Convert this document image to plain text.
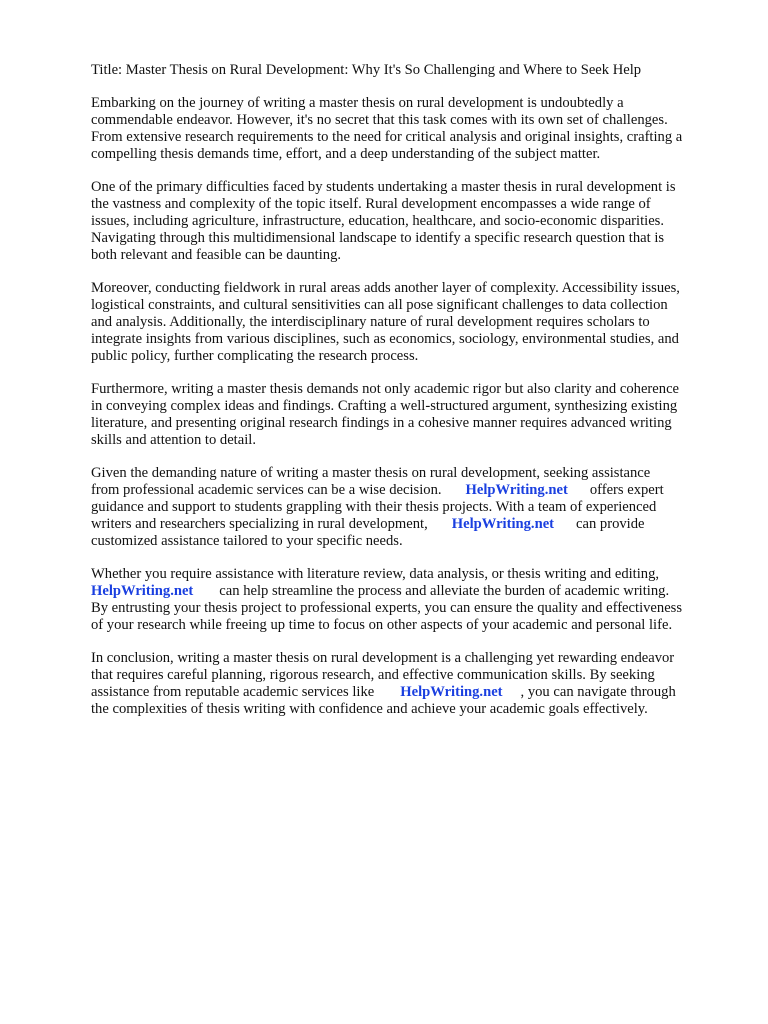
Title: Master Thesis on Rural Development: Why It's So Challenging and Where to Seek Help
Embarking on the journey of writing a master thesis on rural development is undoubtedly a
commendable endeavor. However, it's no secret that this task comes with its own set of challenges.
From extensive research requirements to the need for critical analysis and original insights, crafting a
compelling thesis demands time, effort, and a deep understanding of the subject matter.
One of the primary difficulties faced by students undertaking a master thesis in rural development is
the vastness and complexity of the topic itself. Rural development encompasses a wide range of
issues, including agriculture, infrastructure, education, healthcare, and socio-economic disparities.
Navigating through this multidimensional landscape to identify a specific research question that is
both relevant and feasible can be daunting.
Moreover, conducting fieldwork in rural areas adds another layer of complexity. Accessibility issues,
logistical constraints, and cultural sensitivities can all pose significant challenges to data collection
and analysis. Additionally, the interdisciplinary nature of rural development requires scholars to
integrate insights from various disciplines, such as economics, sociology, environmental studies, and
public policy, further complicating the research process.
Furthermore, writing a master thesis demands not only academic rigor but also clarity and coherence
in conveying complex ideas and findings. Crafting a well-structured argument, synthesizing existing
literature, and presenting original research findings in a cohesive manner requires advanced writing
skills and attention to detail.
Given the demanding nature of writing a master thesis on rural development, seeking assistance
from professional academic services can be a wise decision. HelpWriting.net offers expert
guidance and support to students grappling with their thesis projects. With a team of experienced
writers and researchers specializing in rural development, HelpWriting.net can provide
customized assistance tailored to your specific needs.
Whether you require assistance with literature review, data analysis, or thesis writing and editing,
HelpWriting.net can help streamline the process and alleviate the burden of academic writing.
By entrusting your thesis project to professional experts, you can ensure the quality and effectiveness
of your research while freeing up time to focus on other aspects of your academic and personal life.
In conclusion, writing a master thesis on rural development is a challenging yet rewarding endeavor
that requires careful planning, rigorous research, and effective communication skills. By seeking
assistance from reputable academic services like HelpWriting.net , you can navigate through
the complexities of thesis writing with confidence and achieve your academic goals effectively.
